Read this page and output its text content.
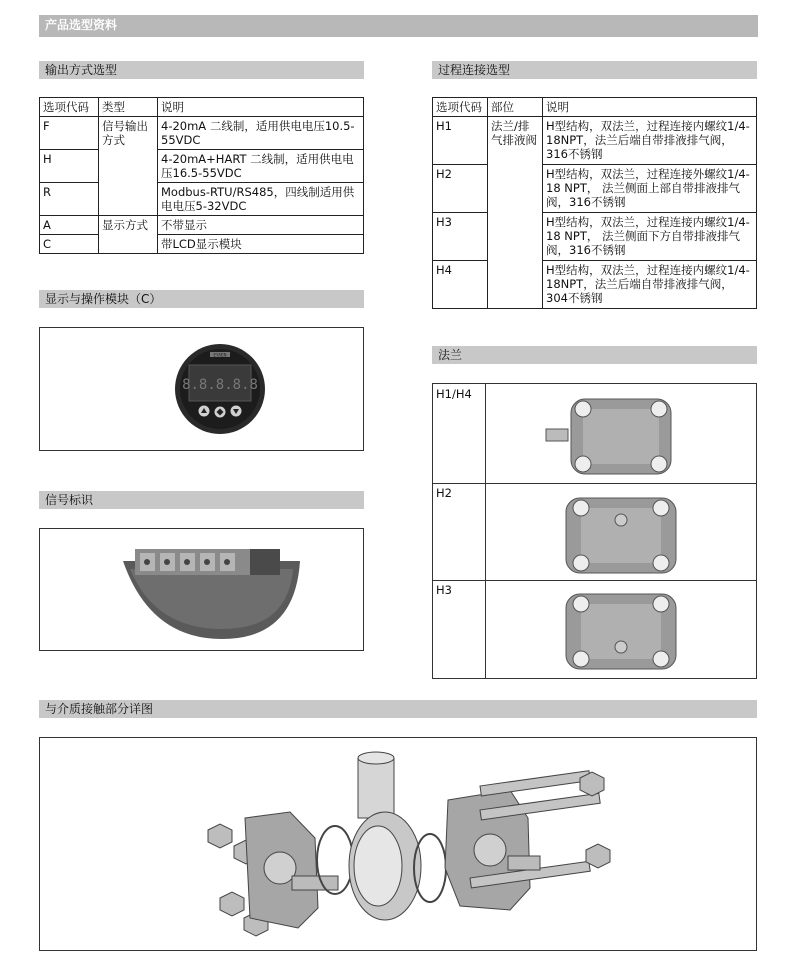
产品选型资料
输出方式选型
选项代码	类型	说明
F	信号输出方式	4-20mA 二线制，适用供电电压10.5-55VDC
H		4-20mA+HART 二线制，适用供电电压16.5-55VDC
R		Modbus-RTU/RS485，四线制适用供电电压5-32VDC
A	显示方式	不带显示
C		带LCD显示模块
显示与操作模块（C）
8.8.8.8.8
EYAEN
信号标识
过程连接选型
选项代码	部位	说明
H1	法兰/排气排液阀	H型结构，双法兰，过程连接内螺纹1/4-18NPT，法兰后端自带排液排气阀，316不锈钢
H2		H型结构，双法兰，过程连接外螺纹1/4-18 NPT， 法兰侧面上部自带排液排气阀，316不锈钢
H3		H型结构，双法兰，过程连接内螺纹1/4-18 NPT， 法兰侧面下方自带排液排气阀，316不锈钢
H4		H型结构，双法兰，过程连接内螺纹1/4-18NPT，法兰后端自带排液排气阀，304不锈钢
法兰
H1/H4
H2
H3
与介质接触部分详图
